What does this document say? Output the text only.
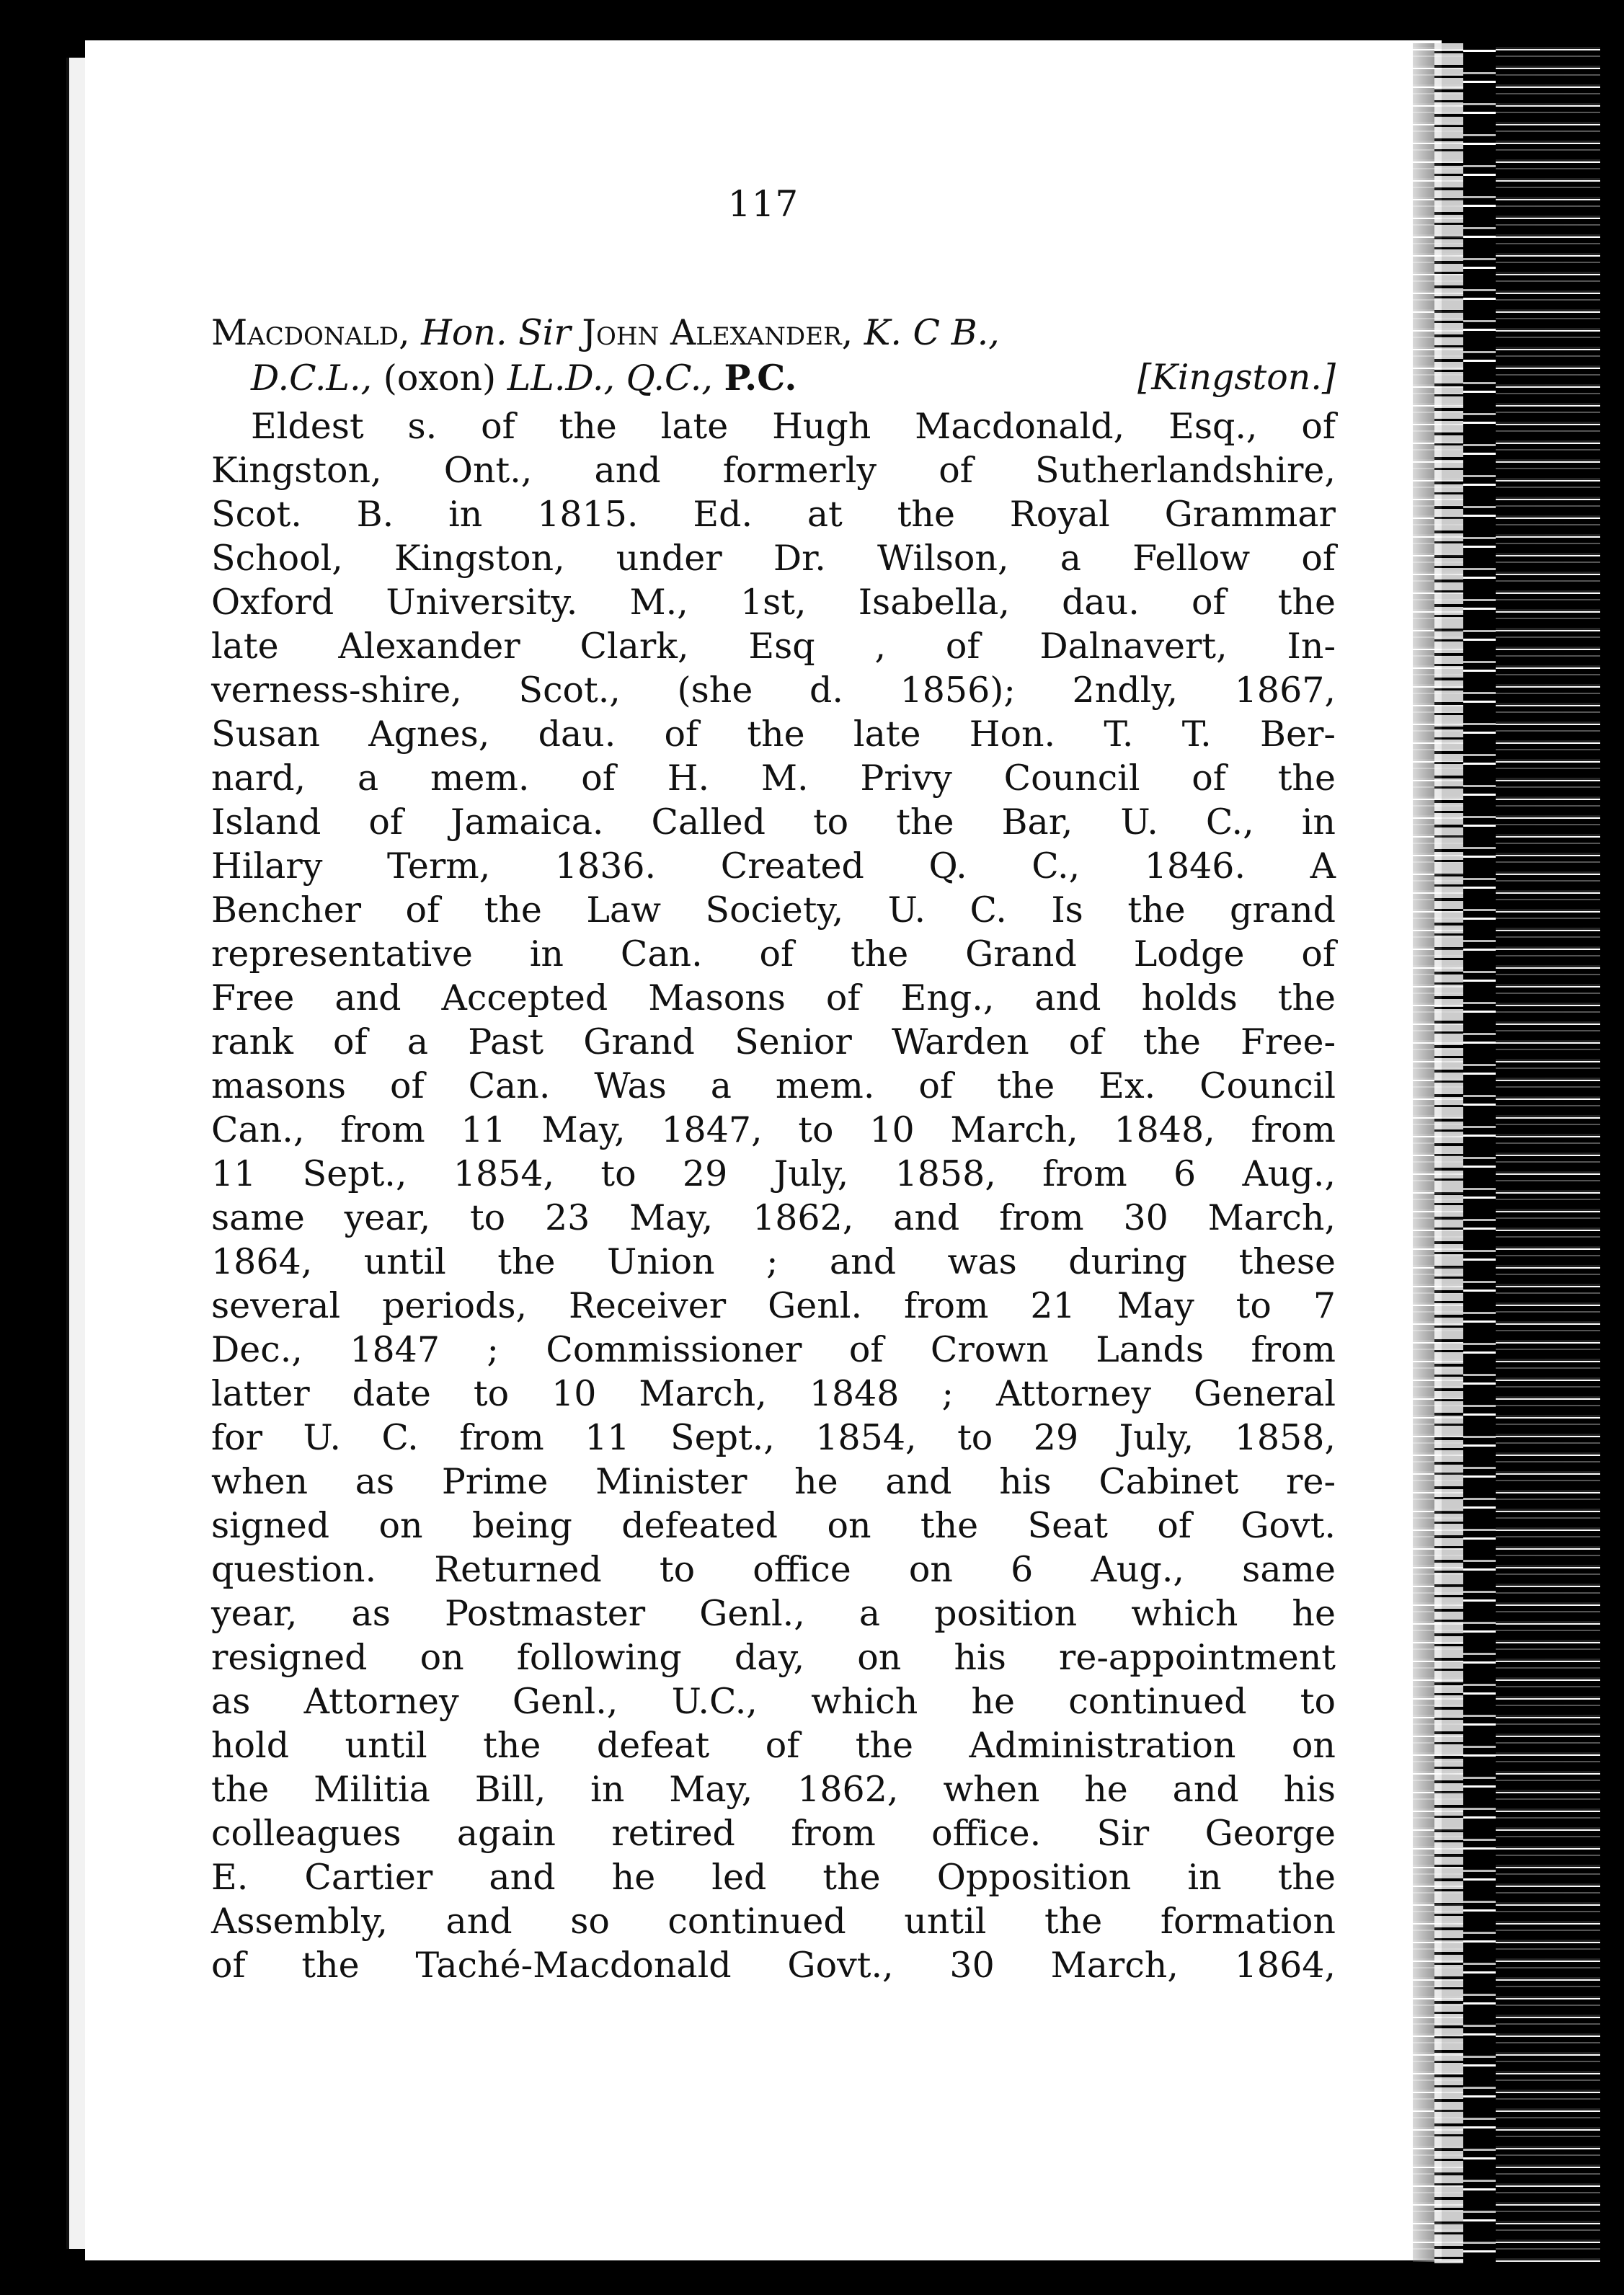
117
Macdonald, Hon. Sir John Alexander, K. C B.,
D.C.L., (oxon) LL.D., Q.C., P.C.	[Kingston.]
Eldest s. of the late Hugh Macdonald, Esq., of
Kingston, Ont., and formerly of Sutherlandshire,
Scot. B. in 1815. Ed. at the Royal Grammar
School, Kingston, under Dr. Wilson, a Fellow of
Oxford University. M., 1st, Isabella, dau. of the
late Alexander Clark, Esq , of Dalnavert, In-
verness-shire, Scot., (she d. 1856); 2ndly, 1867,
Susan Agnes, dau. of the late Hon. T. T. Ber-
nard, a mem. of H. M. Privy Council of the
Island of Jamaica. Called to the Bar, U. C., in
Hilary Term, 1836. Created Q. C., 1846. A
Bencher of the Law Society, U. C. Is the grand
representative in Can. of the Grand Lodge of
Free and Accepted Masons of Eng., and holds the
rank of a Past Grand Senior Warden of the Free-
masons of Can. Was a mem. of the Ex. Council
Can., from 11 May, 1847, to 10 March, 1848, from
11 Sept., 1854, to 29 July, 1858, from 6 Aug.,
same year, to 23 May, 1862, and from 30 March,
1864, until the Union ; and was during these
several periods, Receiver Genl. from 21 May to 7
Dec., 1847 ; Commissioner of Crown Lands from
latter date to 10 March, 1848 ; Attorney General
for U. C. from 11 Sept., 1854, to 29 July, 1858,
when as Prime Minister he and his Cabinet re-
signed on being defeated on the Seat of Govt.
question. Returned to office on 6 Aug., same
year, as Postmaster Genl., a position which he
resigned on following day, on his re-appointment
as Attorney Genl., U.C., which he continued to
hold until the defeat of the Administration on
the Militia Bill, in May, 1862, when he and his
colleagues again retired from office. Sir George
E. Cartier and he led the Opposition in the
Assembly, and so continued until the formation
of the Taché-Macdonald Govt., 30 March, 1864,
